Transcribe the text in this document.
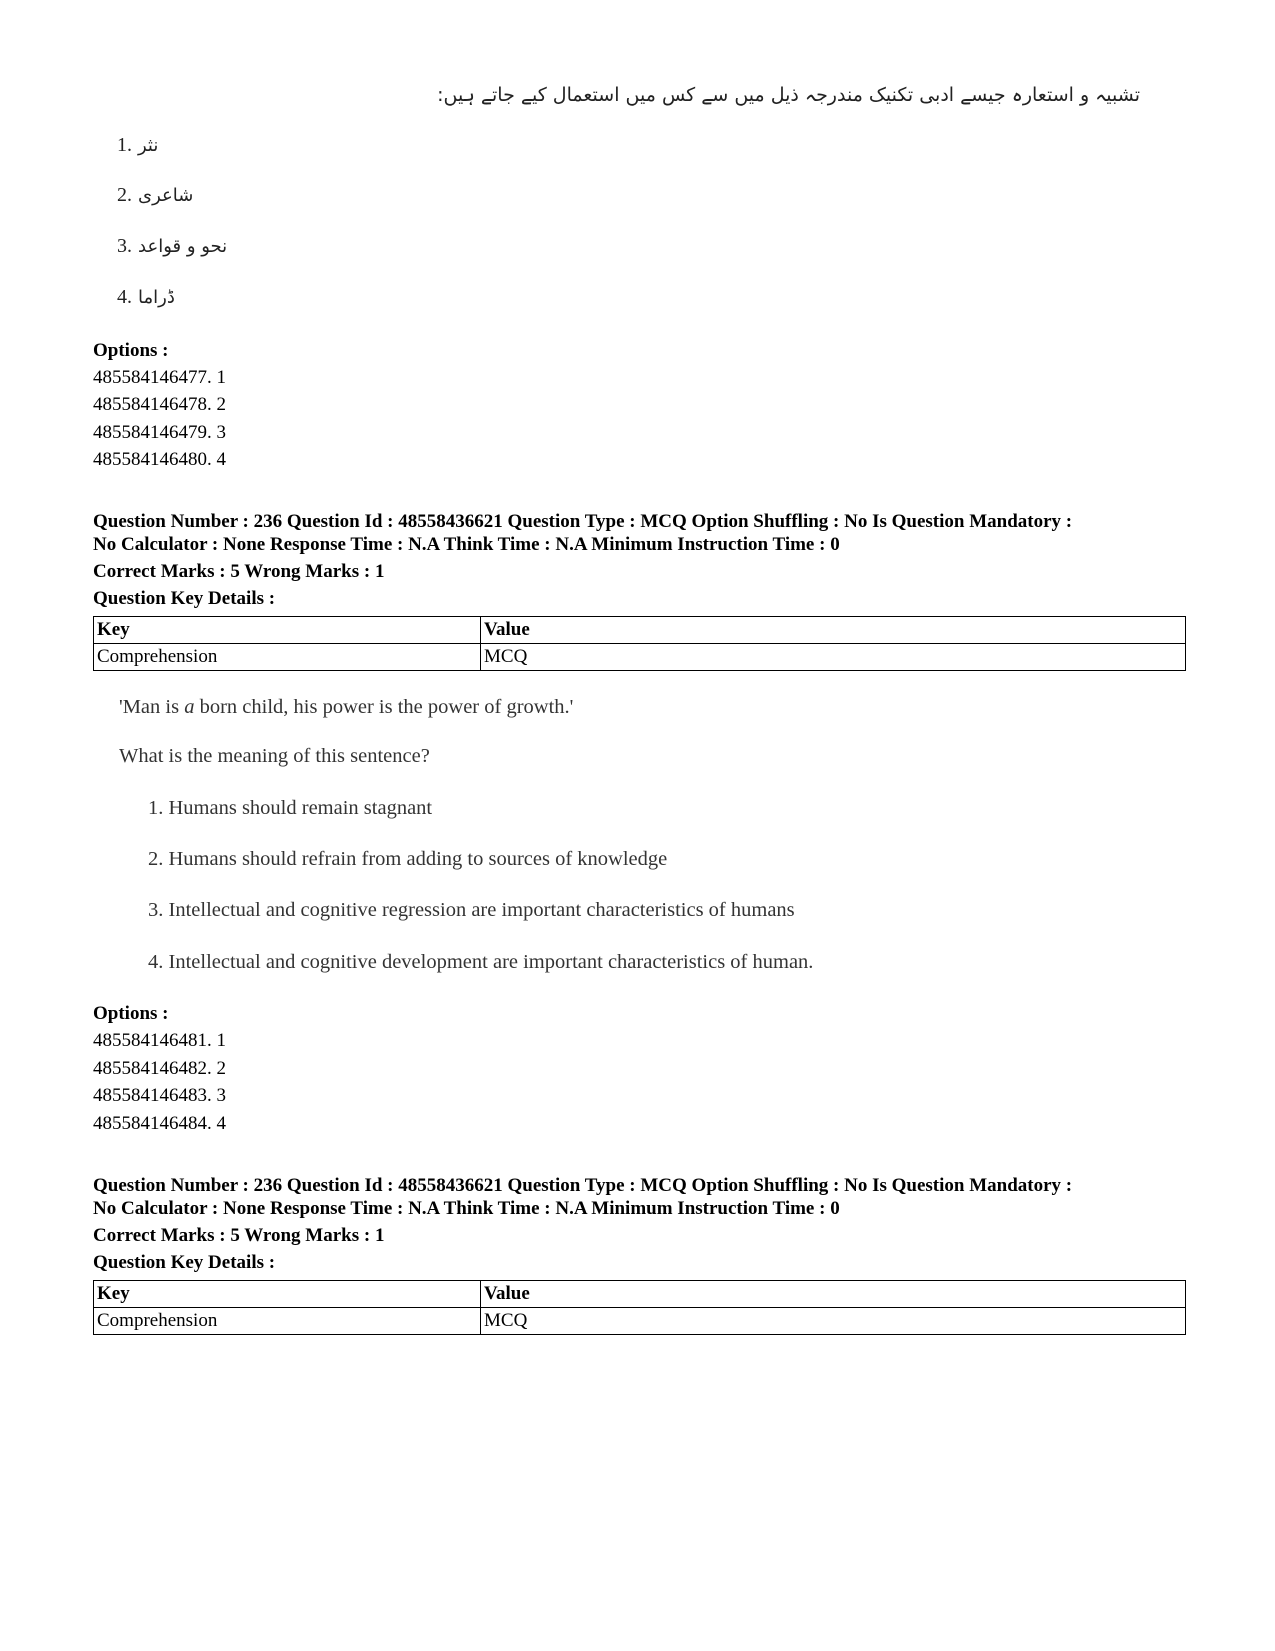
تشبیہ و استعارہ جیسے ادبی تکنیک مندرجہ ذیل میں سے کس میں استعمال کیے جاتے ہیں:
1. نثر
2. شاعری
3. نحو و قواعد
4. ڈراما
Options :
485584146477. 1
485584146478. 2
485584146479. 3
485584146480. 4
Question Number : 236 Question Id : 48558436621 Question Type : MCQ Option Shuffling : No Is Question Mandatory :
No Calculator : None Response Time : N.A Think Time : N.A Minimum Instruction Time : 0
Correct Marks : 5 Wrong Marks : 1
Question Key Details :
Key	Value
Comprehension	MCQ
'Man is a born child, his power is the power of growth.'
What is the meaning of this sentence?
1. Humans should remain stagnant
2. Humans should refrain from adding to sources of knowledge
3. Intellectual and cognitive regression are important characteristics of humans
4. Intellectual and cognitive development are important characteristics of human.
Options :
485584146481. 1
485584146482. 2
485584146483. 3
485584146484. 4
Question Number : 236 Question Id : 48558436621 Question Type : MCQ Option Shuffling : No Is Question Mandatory :
No Calculator : None Response Time : N.A Think Time : N.A Minimum Instruction Time : 0
Correct Marks : 5 Wrong Marks : 1
Question Key Details :
Key	Value
Comprehension	MCQ
